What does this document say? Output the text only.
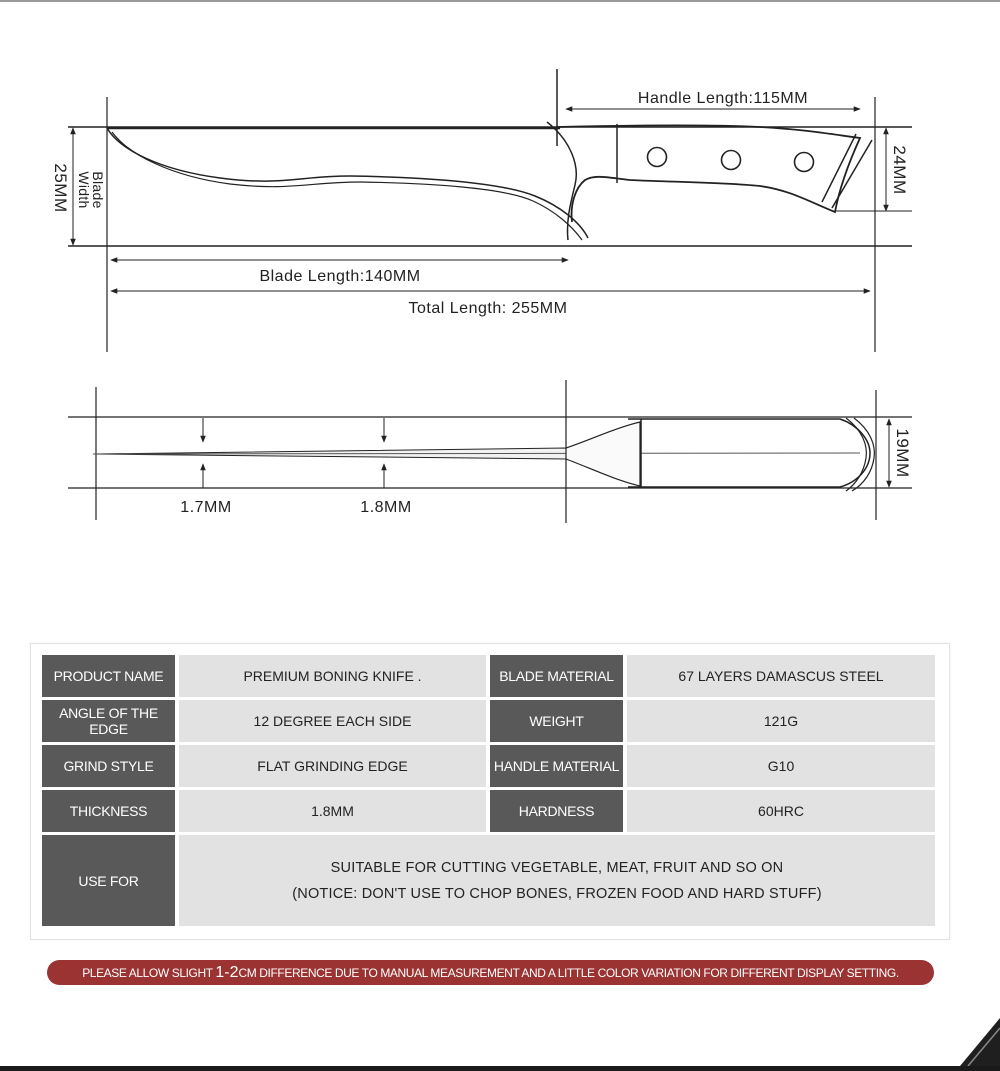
Handle Length:115MM
24MM
25MM Blade
Width
Blade Length:140MM
Total Length: 255MM
1.7MM	1.8MM
19MM
PRODUCT NAME	PREMIUM BONING KNIFE .	BLADE MATERIAL	67 LAYERS DAMASCUS STEEL
ANGLE OF THE EDGE	12 DEGREE EACH SIDE	WEIGHT	121G
GRIND STYLE	FLAT GRINDING EDGE	HANDLE MATERIAL	G10
THICKNESS	1.8MM	HARDNESS	60HRC
USE FOR	SUITABLE FOR CUTTING VEGETABLE, MEAT, FRUIT AND SO ON
(NOTICE: DON'T USE TO CHOP BONES, FROZEN FOOD AND HARD STUFF)		
PLEASE ALLOW SLIGHT 1-2CM DIFFERENCE DUE TO MANUAL MEASUREMENT AND A LITTLE COLOR VARIATION FOR DIFFERENT DISPLAY SETTING.
